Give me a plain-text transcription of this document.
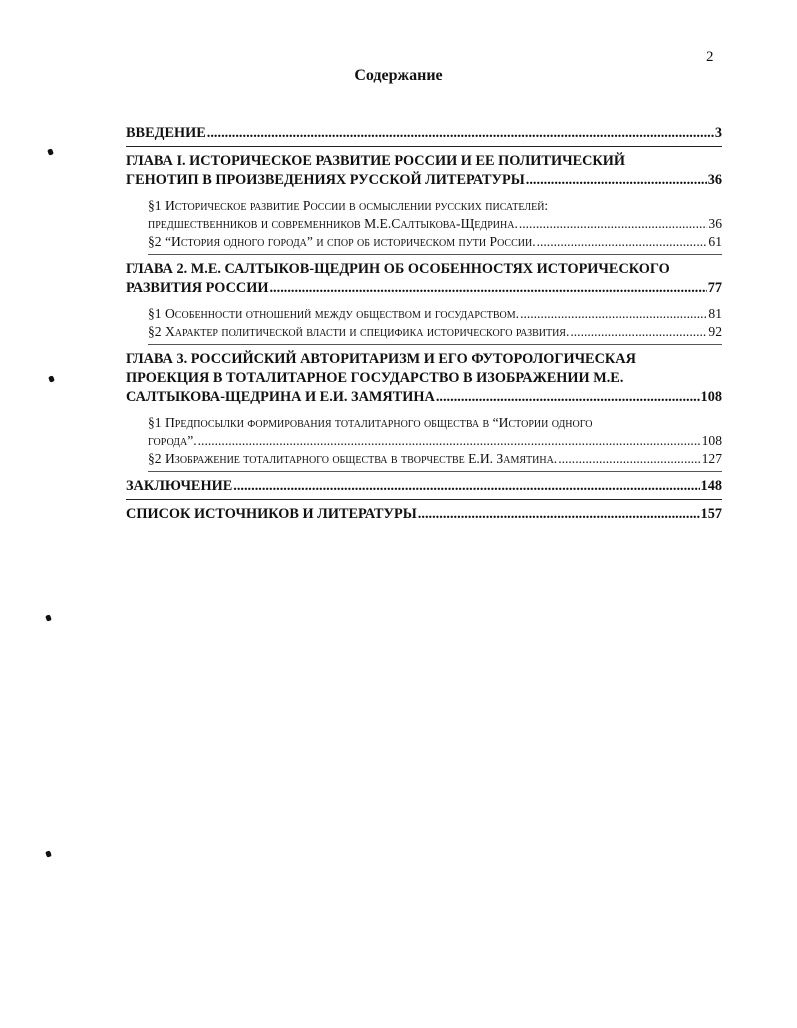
2
Содержание
ВВЕДЕНИЕ .....	3
ГЛАВА I. ИСТОРИЧЕСКОЕ РАЗВИТИЕ РОССИИ И ЕЕ ПОЛИТИЧЕСКИЙ
ГЕНОТИП В ПРОИЗВЕДЕНИЯХ РУССКОЙ ЛИТЕРАТУРЫ .....	36
§1 Историческое развитие России в осмыслении русских писателей:
предшественников и современников М.Е.Салтыкова-Щедрина. .....	36
§2 “История одного города” и спор об историческом пути России. .....	61
ГЛАВА 2. М.Е. САЛТЫКОВ-ЩЕДРИН ОБ ОСОБЕННОСТЯХ ИСТОРИЧЕСКОГО
РАЗВИТИЯ РОССИИ .....	77
§1 Особенности отношений между обществом и государством. .....	81
§2 Характер политической власти и специфика исторического развития. .....	92
ГЛАВА 3. РОССИЙСКИЙ АВТОРИТАРИЗМ И ЕГО ФУТОРОЛОГИЧЕСКАЯ
ПРОЕКЦИЯ В ТОТАЛИТАРНОЕ ГОСУДАРСТВО В ИЗОБРАЖЕНИИ М.Е.
САЛТЫКОВА-ЩЕДРИНА И Е.И. ЗАМЯТИНА .....	108
§1 Предпосылки формирования тоталитарного общества в “Истории одного
города”. .....	108
§2 Изображение тоталитарного общества в творчестве Е.И. Замятина. .....	127
ЗАКЛЮЧЕНИЕ .....	148
СПИСОК ИСТОЧНИКОВ И ЛИТЕРАТУРЫ .....	157
